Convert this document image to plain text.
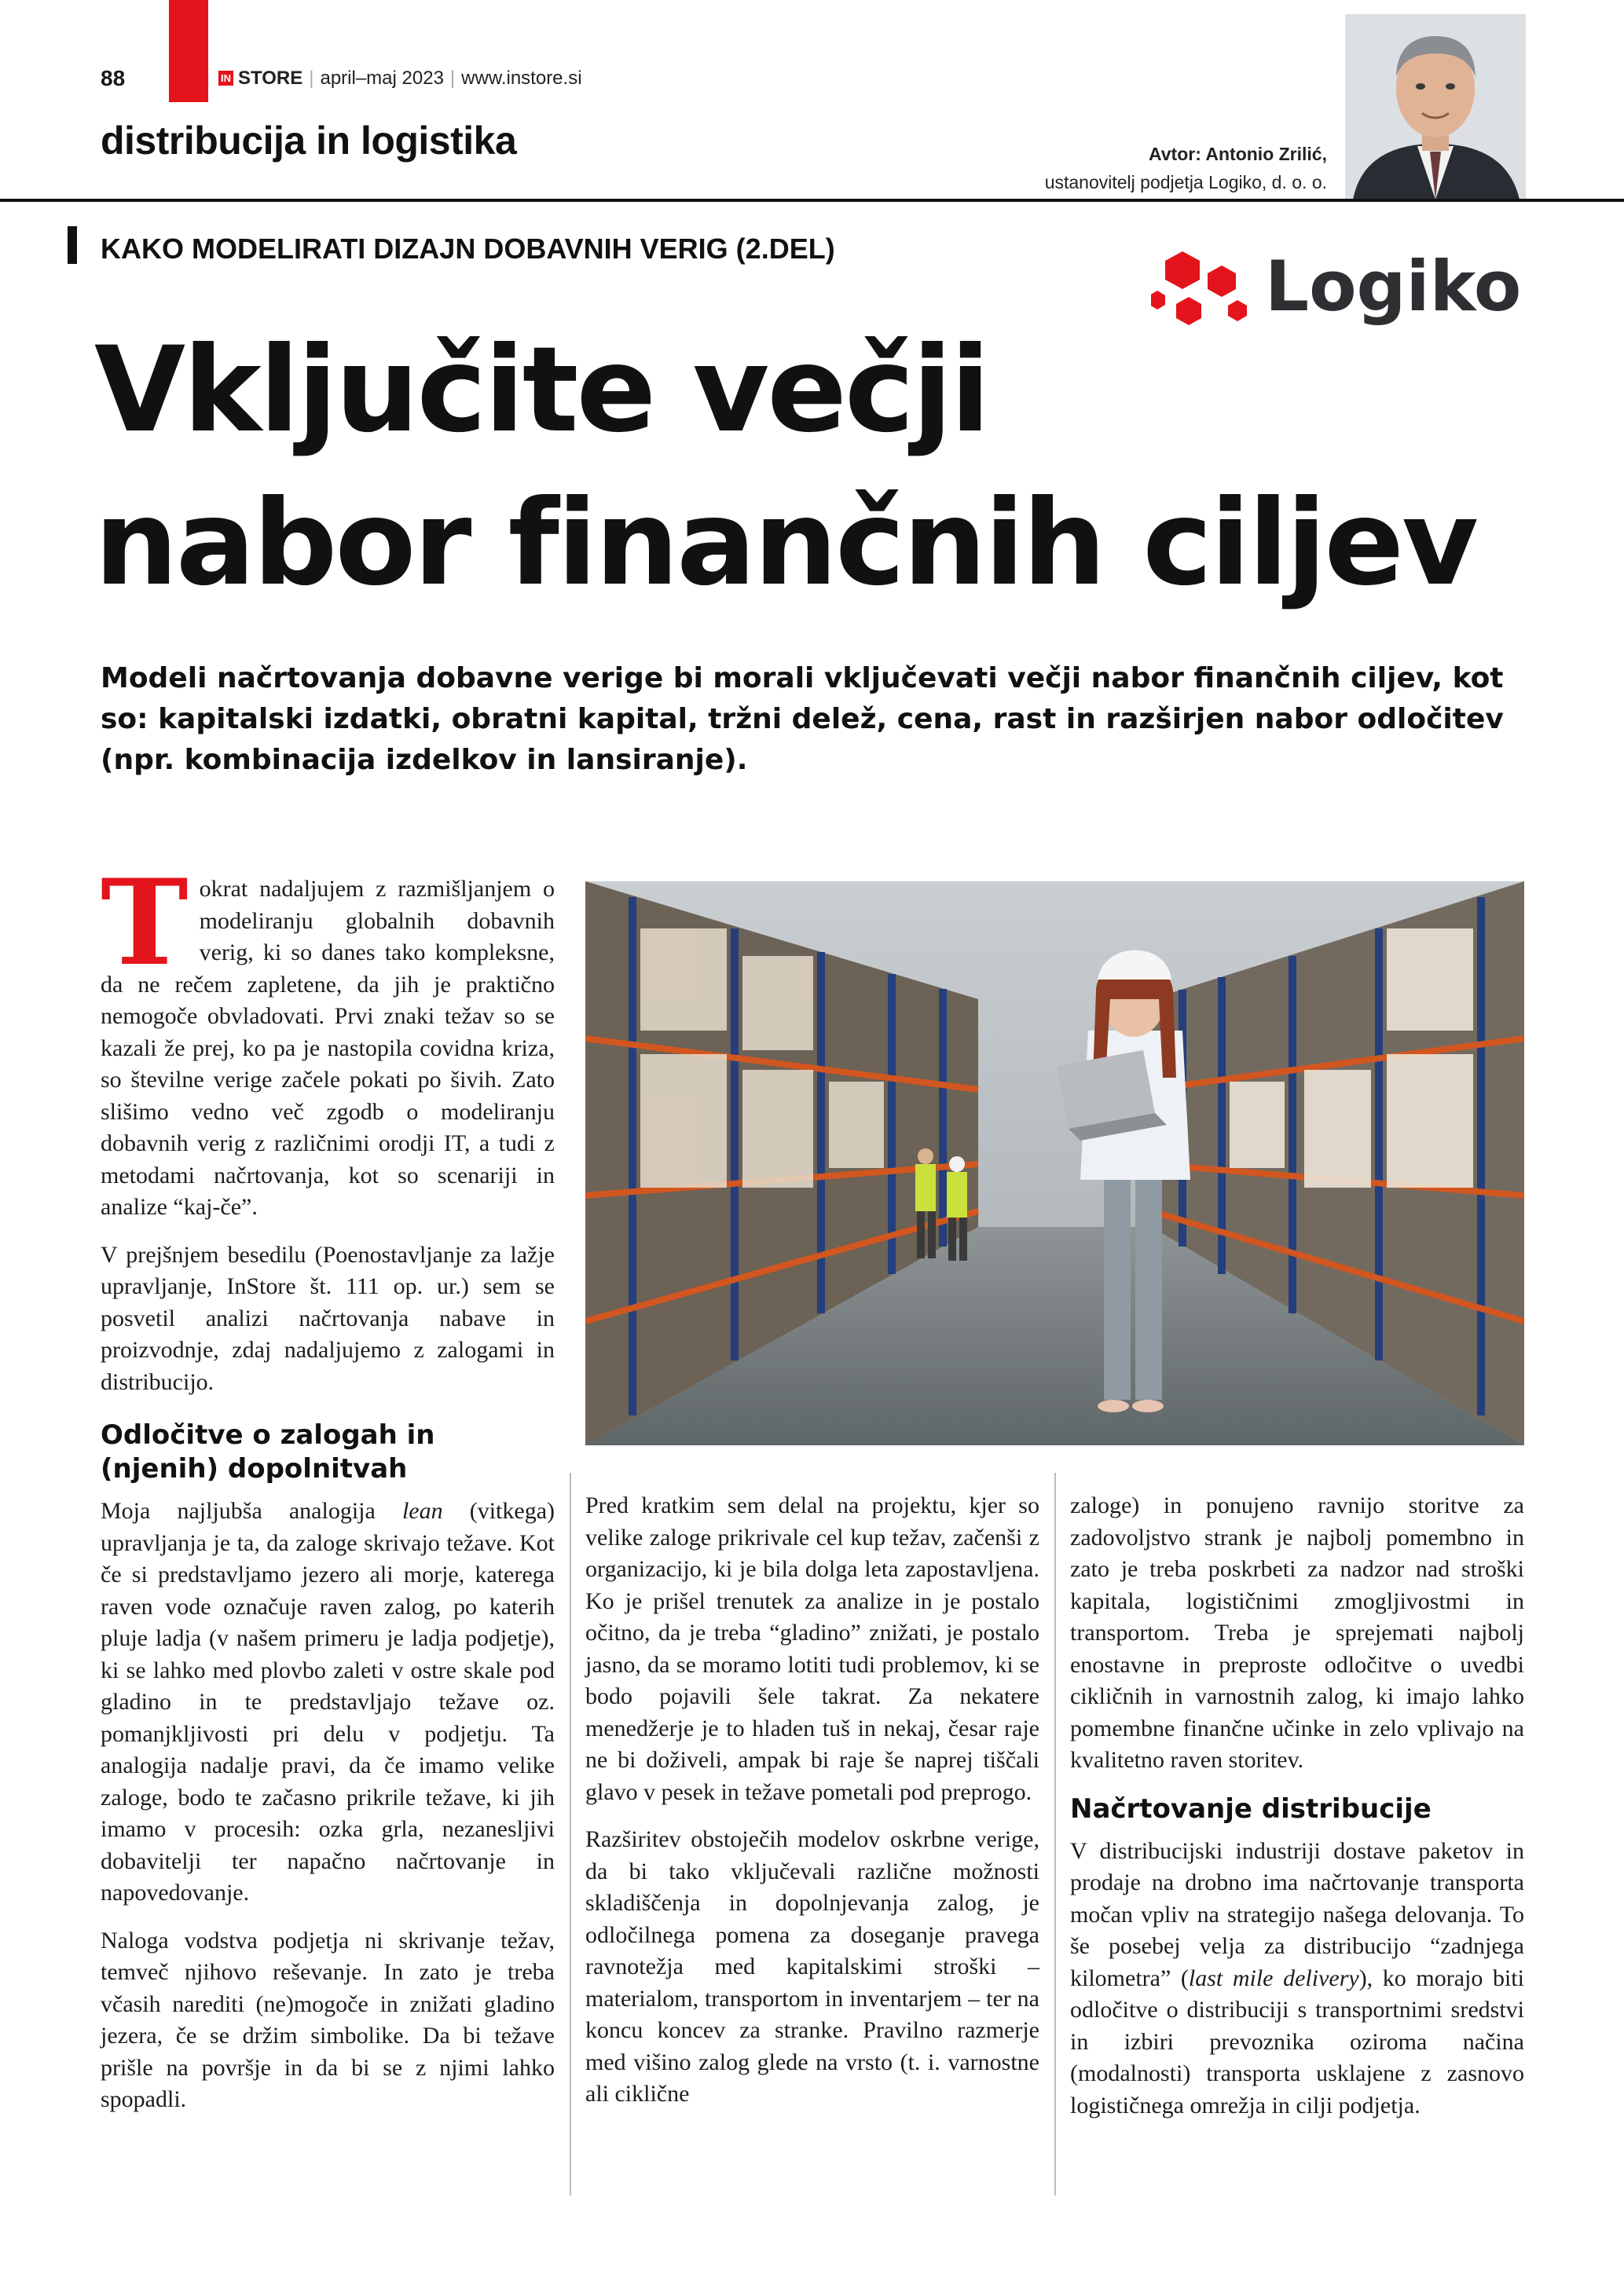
88	IN STORE | april–maj 2023 | www.instore.si
distribucija in logistika	Avtor: Antonio Zrilić,
ustanovitelj podjetja Logiko, d. o. o.
KAKO MODELIRATI DIZAJN DOBAVNIH VERIG (2.DEL)	Logiko
Vključite večji
nabor finančnih ciljev

Modeli načrtovanja dobavne verige bi morali vključevati večji nabor finančnih ciljev, kot so: kapitalski izdatki, obratni kapital, tržni delež, cena, rast in razširjen nabor odločitev (npr. kombinacija izdelkov in lansiranje).

Tokrat nadaljujem z razmišljanjem o modeliranju globalnih dobavnih verig, ki so danes tako kompleksne, da ne rečem zapletene, da jih je praktično nemogoče obvladovati. Prvi znaki težav so se kazali že prej, ko pa je nastopila covidna kriza, so številne verige začele pokati po šivih. Zato slišimo vedno več zgodb o modeliranju dobavnih verig z različnimi orodji IT, a tudi z metodami načrtovanja, kot so scenariji in analize “kaj-če”.

V prejšnjem besedilu (Poenostavljanje za lažje upravljanje, InStore št. 111 op. ur.) sem se posvetil analizi načrtovanja nabave in proizvodnje, zdaj nadaljujemo z zalogami in distribucijo.

Odločitve o zalogah in (njenih) dopolnitvah

Moja najljubša analogija lean (vitkega) upravljanja je ta, da zaloge skrivajo težave. Kot če si predstavljamo jezero ali morje, katerega raven vode označuje raven zalog, po katerih pluje ladja (v našem primeru je ladja podjetje), ki se lahko med plovbo zaleti v ostre skale pod gladino in te predstavljajo težave oz. pomanjkljivosti pri delu v podjetju. Ta analogija nadalje pravi, da če imamo velike zaloge, bodo te začasno prikrile težave, ki jih imamo v procesih: ozka grla, nezanesljivi dobavitelji ter napačno načrtovanje in napovedovanje.

Naloga vodstva podjetja ni skrivanje težav, temveč njihovo reševanje. In zato je treba včasih narediti (ne)mogoče in znižati gladino jezera, če se držim simbolike. Da bi težave prišle na površje in da bi se z njimi lahko spopadli.

Pred kratkim sem delal na projektu, kjer so velike zaloge prikrivale cel kup težav, začenši z organizacijo, ki je bila dolga leta zapostavljena. Ko je prišel trenutek za analize in je postalo očitno, da je treba “gladino” znižati, je postalo jasno, da se moramo lotiti tudi problemov, ki se bodo pojavili šele takrat. Za nekatere menedžerje je to hladen tuš in nekaj, česar raje ne bi doživeli, ampak bi raje še naprej tiščali glavo v pesek in težave pometali pod preprogo.

Razširitev obstoječih modelov oskrbne verige, da bi tako vključevali različne možnosti skladiščenja in dopolnjevanja zalog, je odločilnega pomena za doseganje pravega ravnotežja med kapitalskimi stroški – materialom, transportom in inventarjem – ter na koncu koncev za stranke. Pravilno razmerje med višino zalog glede na vrsto (t. i. varnostne ali ciklične

zaloge) in ponujeno ravnijo storitve za zadovoljstvo strank je najbolj pomembno in zato je treba poskrbeti za nadzor nad stroški kapitala, logističnimi zmogljivostmi in transportom. Treba je sprejemati najbolj enostavne in preproste odločitve o uvedbi cikličnih in varnostnih zalog, ki imajo lahko pomembne finančne učinke in zelo vplivajo na kvalitetno raven storitev.

Načrtovanje distribucije

V distribucijski industriji dostave paketov in prodaje na drobno ima načrtovanje transporta močan vpliv na strategijo našega delovanja. To še posebej velja za distribucijo “zadnjega kilometra” (last mile delivery), ko morajo biti odločitve o distribuciji s transportnimi sredstvi in izbiri prevoznika oziroma načina (modalnosti) transporta usklajene z zasnovo logističnega omrežja in cilji podjetja.
